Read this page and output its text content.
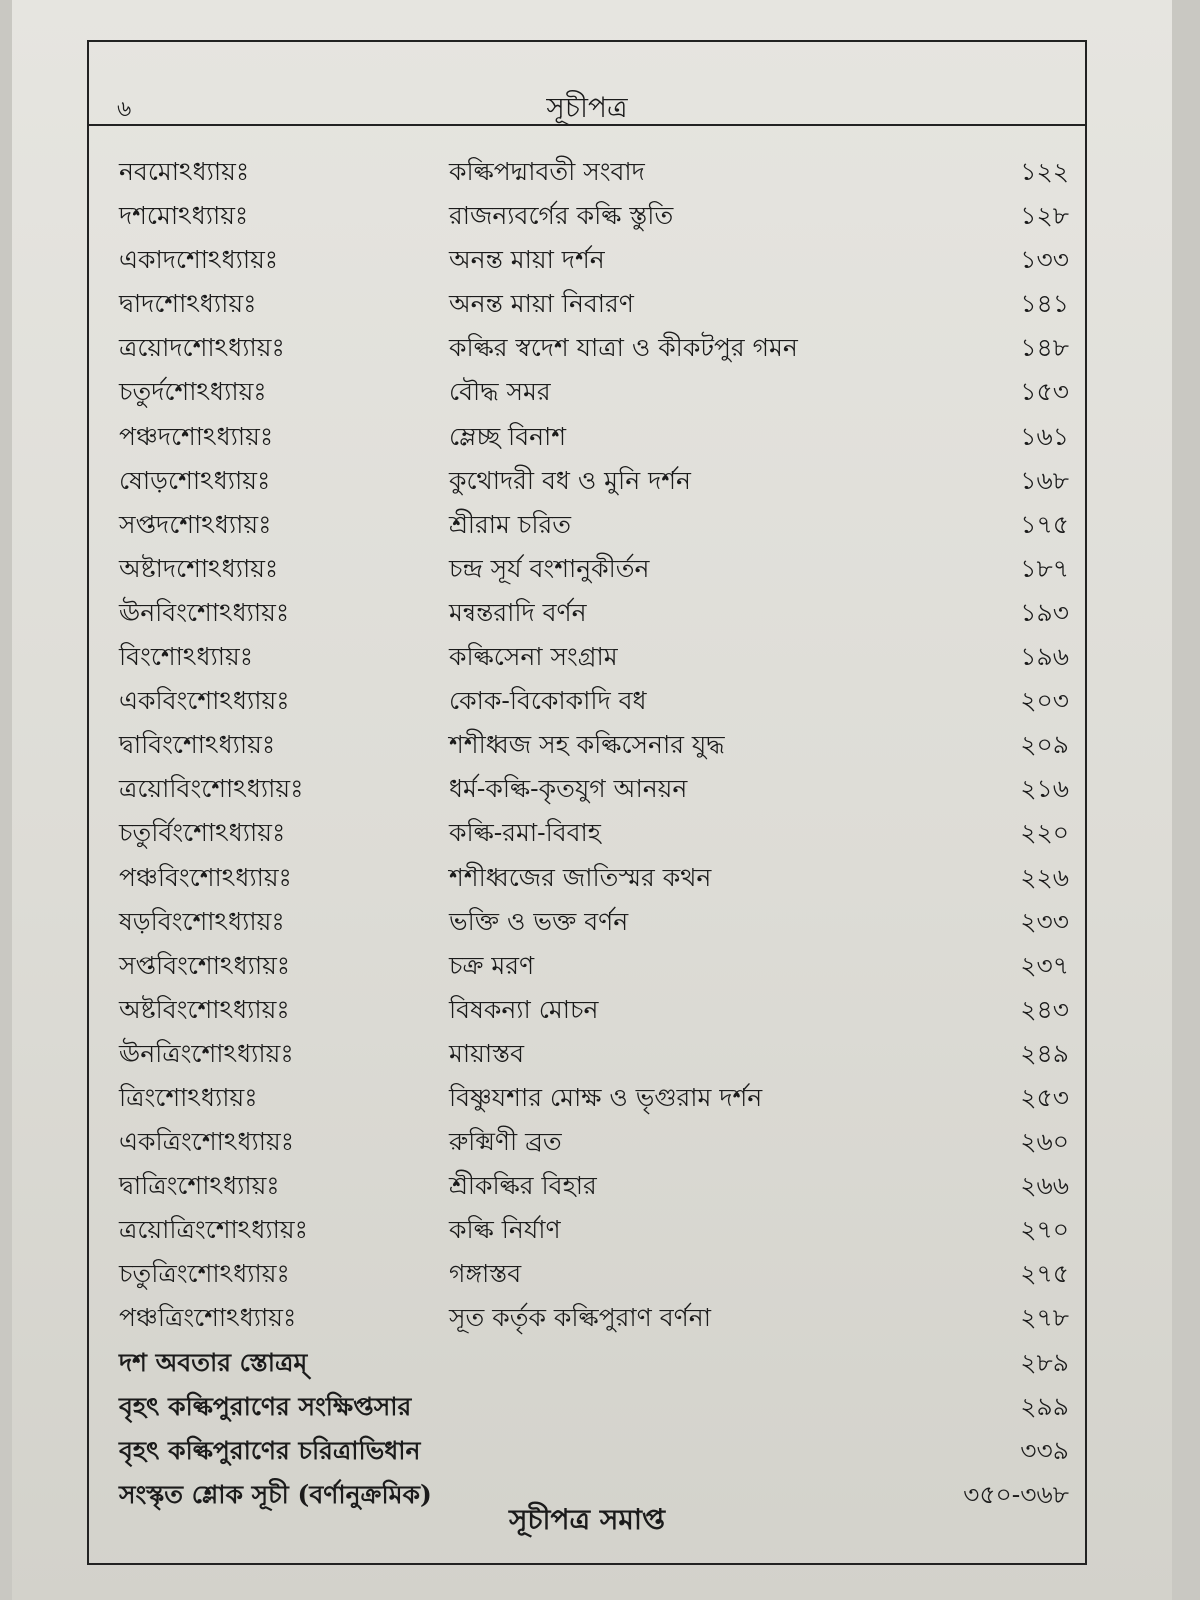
৬	সূচীপত্র
নবমোঽধ্যায়ঃ	কল্কিপদ্মাবতী সংবাদ	১২২
দশমোঽধ্যায়ঃ	রাজন্যবর্গের কল্কি স্তুতি	১২৮
একাদশোঽধ্যায়ঃ	অনন্ত মায়া দর্শন	১৩৩
দ্বাদশোঽধ্যায়ঃ	অনন্ত মায়া নিবারণ	১৪১
ত্রয়োদশোঽধ্যায়ঃ	কল্কির স্বদেশ যাত্রা ও কীকটপুর গমন	১৪৮
চতুর্দশোঽধ্যায়ঃ	বৌদ্ধ সমর	১৫৩
পঞ্চদশোঽধ্যায়ঃ	ম্লেচ্ছ বিনাশ	১৬১
ষোড়শোঽধ্যায়ঃ	কুথোদরী বধ ও মুনি দর্শন	১৬৮
সপ্তদশোঽধ্যায়ঃ	শ্রীরাম চরিত	১৭৫
অষ্টাদশোঽধ্যায়ঃ	চন্দ্র সূর্য বংশানুকীর্তন	১৮৭
ঊনবিংশোঽধ্যায়ঃ	মন্বন্তরাদি বর্ণন	১৯৩
বিংশোঽধ্যায়ঃ	কল্কিসেনা সংগ্রাম	১৯৬
একবিংশোঽধ্যায়ঃ	কোক-বিকোকাদি বধ	২০৩
দ্বাবিংশোঽধ্যায়ঃ	শশীধ্বজ সহ কল্কিসেনার যুদ্ধ	২০৯
ত্রয়োবিংশোঽধ্যায়ঃ	ধর্ম-কল্কি-কৃতযুগ আনয়ন	২১৬
চতুর্বিংশোঽধ্যায়ঃ	কল্কি-রমা-বিবাহ	২২০
পঞ্চবিংশোঽধ্যায়ঃ	শশীধ্বজের জাতিস্মর কথন	২২৬
ষড়বিংশোঽধ্যায়ঃ	ভক্তি ও ভক্ত বর্ণন	২৩৩
সপ্তবিংশোঽধ্যায়ঃ	চক্র মরণ	২৩৭
অষ্টবিংশোঽধ্যায়ঃ	বিষকন্যা মোচন	২৪৩
ঊনত্রিংশোঽধ্যায়ঃ	মায়াস্তব	২৪৯
ত্রিংশোঽধ্যায়ঃ	বিষ্ণুযশার মোক্ষ ও ভৃগুরাম দর্শন	২৫৩
একত্রিংশোঽধ্যায়ঃ	রুক্মিণী ব্রত	২৬০
দ্বাত্রিংশোঽধ্যায়ঃ	শ্রীকল্কির বিহার	২৬৬
ত্রয়োত্রিংশোঽধ্যায়ঃ	কল্কি নির্যাণ	২৭০
চতুত্রিংশোঽধ্যায়ঃ	গঙ্গাস্তব	২৭৫
পঞ্চত্রিংশোঽধ্যায়ঃ	সূত কর্তৃক কল্কিপুরাণ বর্ণনা	২৭৮
দশ অবতার স্তোত্রম্	২৮৯
বৃহৎ কল্কিপুরাণের সংক্ষিপ্তসার	২৯৯
বৃহৎ কল্কিপুরাণের চরিত্রাভিধান	৩৩৯
সংস্কৃত শ্লোক সূচী (বর্ণানুক্রমিক)	৩৫০-৩৬৮
সূচীপত্র সমাপ্ত
